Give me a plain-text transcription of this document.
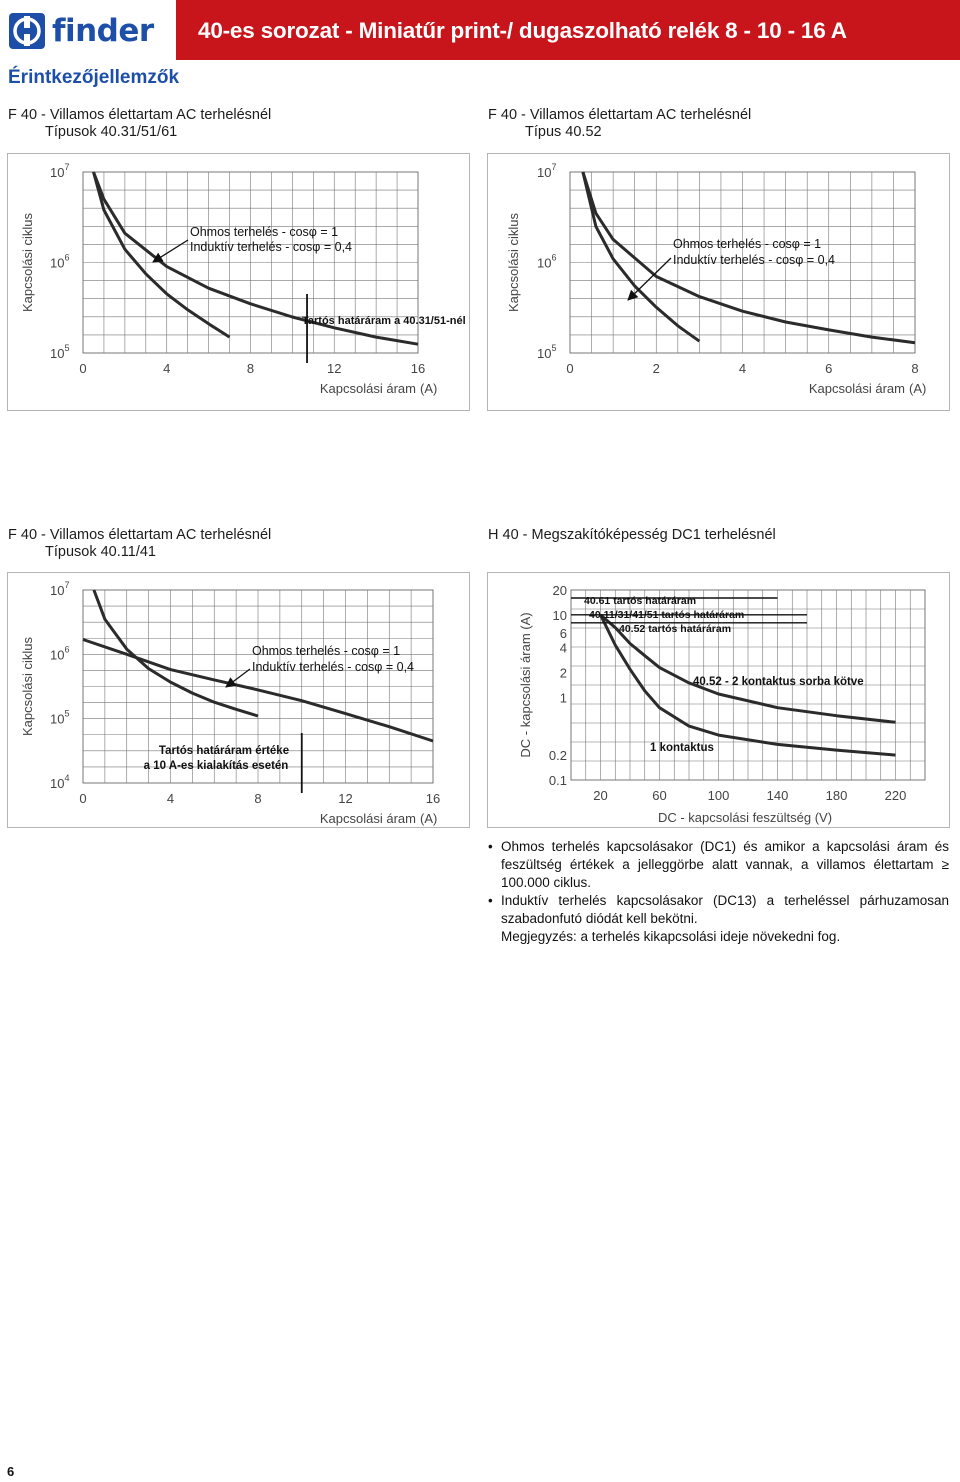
finder	40-es sorozat - Miniatűr print-/ dugaszolható relék 8 - 10 - 16 A
Érintkezőjellemzők
F 40 - Villamos élettartam AC terhelésnél
Típusok 40.31/51/61
F 40 - Villamos élettartam AC terhelésnél
Típus 40.52
F 40 - Villamos élettartam AC terhelésnél
Típusok 40.11/41
H 40 - Megszakítóképesség DC1 terhelésnél
$10^7$
$10^6$
$10^5$
0	4	8	12	16
Kapcsolási áram (A)
Kapcsolási ciklus	Ohmos terhelés - cosφ = 1
Induktív terhelés - cosφ = 0,4
Tartós határáram a 40.31/51-nél
$10^7$
$10^6$
$10^5$
0	2	4	6	8
Kapcsolási áram (A)
Kapcsolási ciklus	Ohmos terhelés - cosφ = 1
Induktív terhelés - cosφ = 0,4
$10^7$
$10^6$
$10^5$
$10^4$
0	4	8	12	16
Kapcsolási áram (A)
Kapcsolási ciklus	Ohmos terhelés - cosφ = 1
Induktív terhelés - cosφ = 0,4
Tartós határáram értéke
a 10 A-es kialakítás esetén
20
10
6
4
2
1
0.2
0.1
20	60	100	140	180	220
DC - kapcsolási feszültség (V)
DC - kapcsolási áram (A)
40.61 tartós határáram
40.11/31/41/51 tartós határáram
40.52 tartós határáram
40.52 - 2 kontaktus sorba kötve
1 kontaktus
• Ohmos terhelés kapcsolásakor (DC1) és amikor a kapcsolási áram és feszültség értékek a jelleggörbe alatt vannak, a villamos élettartam ≥ 100.000 ciklus.
• Induktív terhelés kapcsolásakor (DC13) a terheléssel párhuzamosan szabadonfutó diódát kell bekötni.
Megjegyzés: a terhelés kikapcsolási ideje növekedni fog.
6
